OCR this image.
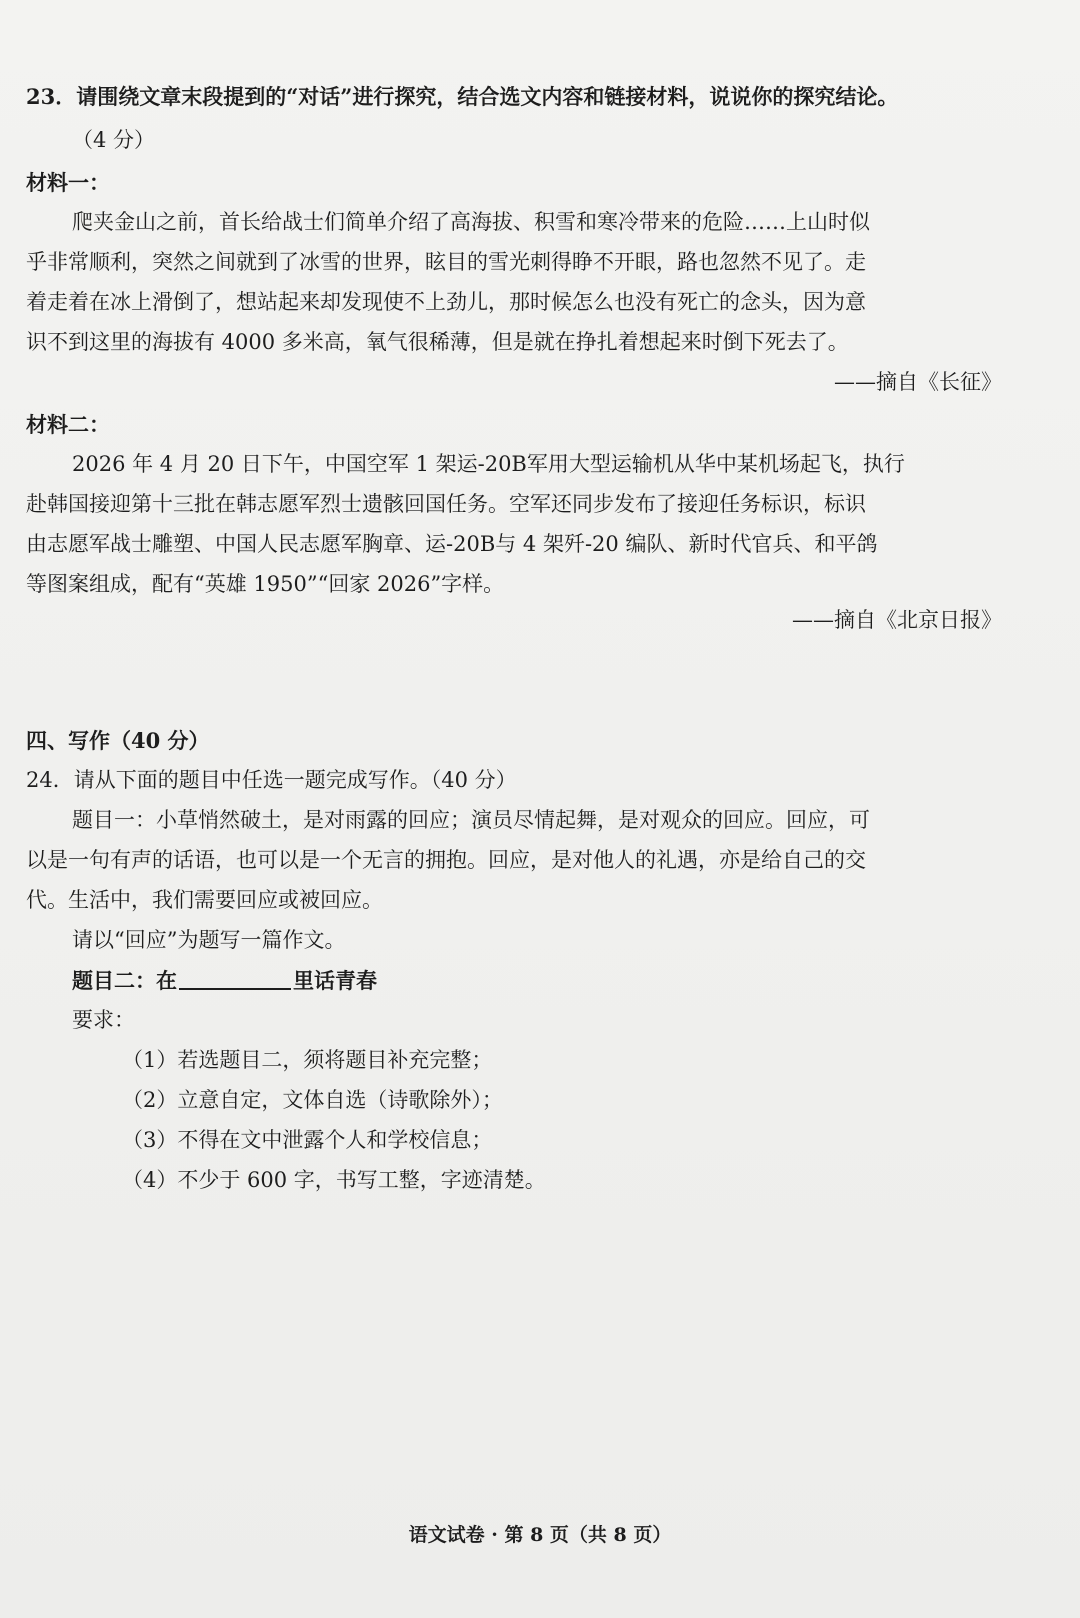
23．请围绕文章末段提到的“对话”进行探究，结合选文内容和链接材料，说说你的探究结论。
（4 分）
材料一：
爬夹金山之前，首长给战士们简单介绍了高海拔、积雪和寒冷带来的危险……上山时似
乎非常顺利，突然之间就到了冰雪的世界，眩目的雪光刺得睁不开眼，路也忽然不见了。走
着走着在冰上滑倒了，想站起来却发现使不上劲儿，那时候怎么也没有死亡的念头，因为意
识不到这里的海拔有 4000 多米高，氧气很稀薄，但是就在挣扎着想起来时倒下死去了。
——摘自《长征》
材料二：
2026 年 4 月 20 日下午，中国空军 1 架运-20B军用大型运输机从华中某机场起飞，执行
赴韩国接迎第十三批在韩志愿军烈士遗骸回国任务。空军还同步发布了接迎任务标识，标识
由志愿军战士雕塑、中国人民志愿军胸章、运-20B与 4 架歼-20 编队、新时代官兵、和平鸽
等图案组成，配有“英雄 1950”“回家 2026”字样。
——摘自《北京日报》
四、写作（40 分）
24．请从下面的题目中任选一题完成写作。（40 分）
题目一：小草悄然破土，是对雨露的回应；演员尽情起舞，是对观众的回应。回应，可
以是一句有声的话语，也可以是一个无言的拥抱。回应，是对他人的礼遇，亦是给自己的交
代。生活中，我们需要回应或被回应。
请以“回应”为题写一篇作文。
题目二：在	里话青春
要求：
（1）若选题目二，须将题目补充完整；
（2）立意自定，文体自选（诗歌除外）；
（3）不得在文中泄露个人和学校信息；
（4）不少于 600 字，书写工整，字迹清楚。
语文试卷 · 第 8 页（共 8 页）
